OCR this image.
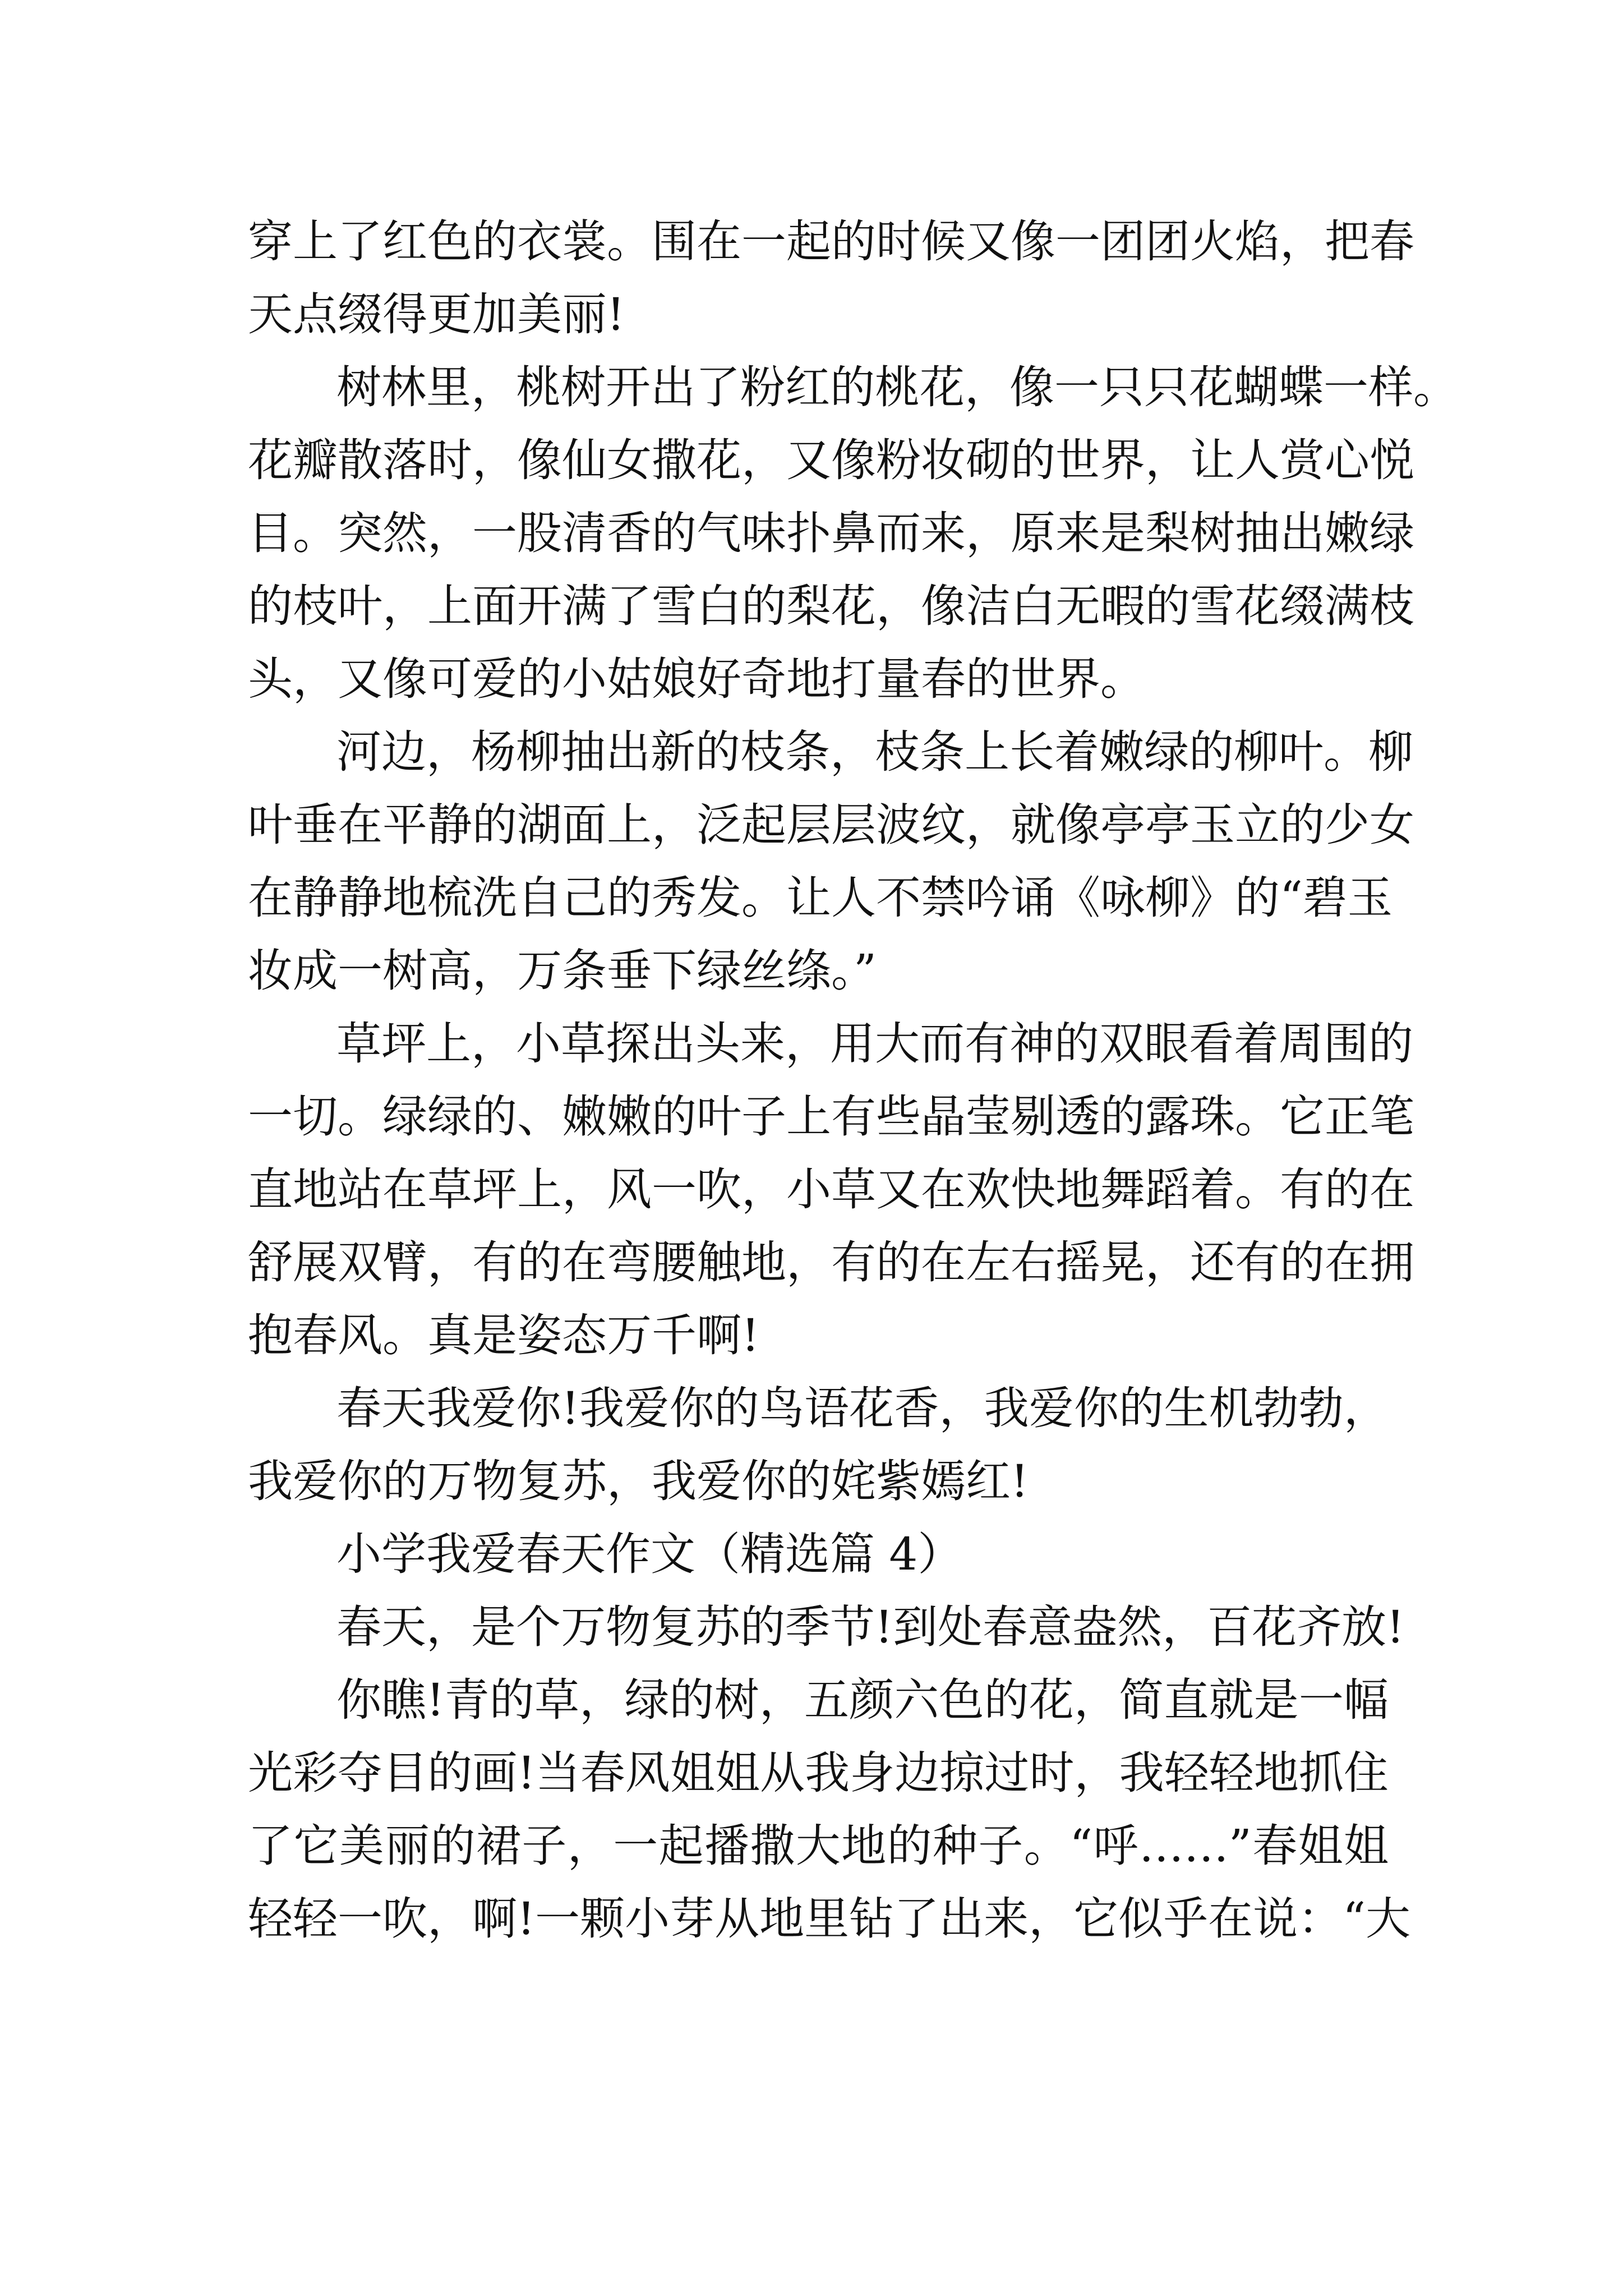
穿上了红色的衣裳。围在一起的时候又像一团团火焰，把春
天点缀得更加美丽!
树林里，桃树开出了粉红的桃花，像一只只花蝴蝶一样。
花瓣散落时，像仙女撒花，又像粉妆砌的世界，让人赏心悦
目。突然，一股清香的气味扑鼻而来，原来是梨树抽出嫩绿
的枝叶，上面开满了雪白的梨花，像洁白无暇的雪花缀满枝
头，又像可爱的小姑娘好奇地打量春的世界。
河边，杨柳抽出新的枝条，枝条上长着嫩绿的柳叶。柳
叶垂在平静的湖面上，泛起层层波纹，就像亭亭玉立的少女
在静静地梳洗自己的秀发。让人不禁吟诵《咏柳》的“碧玉
妆成一树高，万条垂下绿丝绦。”
草坪上，小草探出头来，用大而有神的双眼看着周围的
一切。绿绿的、嫩嫩的叶子上有些晶莹剔透的露珠。它正笔
直地站在草坪上，风一吹，小草又在欢快地舞蹈着。有的在
舒展双臂，有的在弯腰触地，有的在左右摇晃，还有的在拥
抱春风。真是姿态万千啊!
春天我爱你!我爱你的鸟语花香，我爱你的生机勃勃，
我爱你的万物复苏，我爱你的姹紫嫣红!
小学我爱春天作文（精选篇 4）
春天，是个万物复苏的季节!到处春意盎然，百花齐放!
你瞧!青的草，绿的树，五颜六色的花，简直就是一幅
光彩夺目的画!当春风姐姐从我身边掠过时，我轻轻地抓住
了它美丽的裙子，一起播撒大地的种子。“呼……”春姐姐
轻轻一吹，啊!一颗小芽从地里钻了出来，它似乎在说：“大
